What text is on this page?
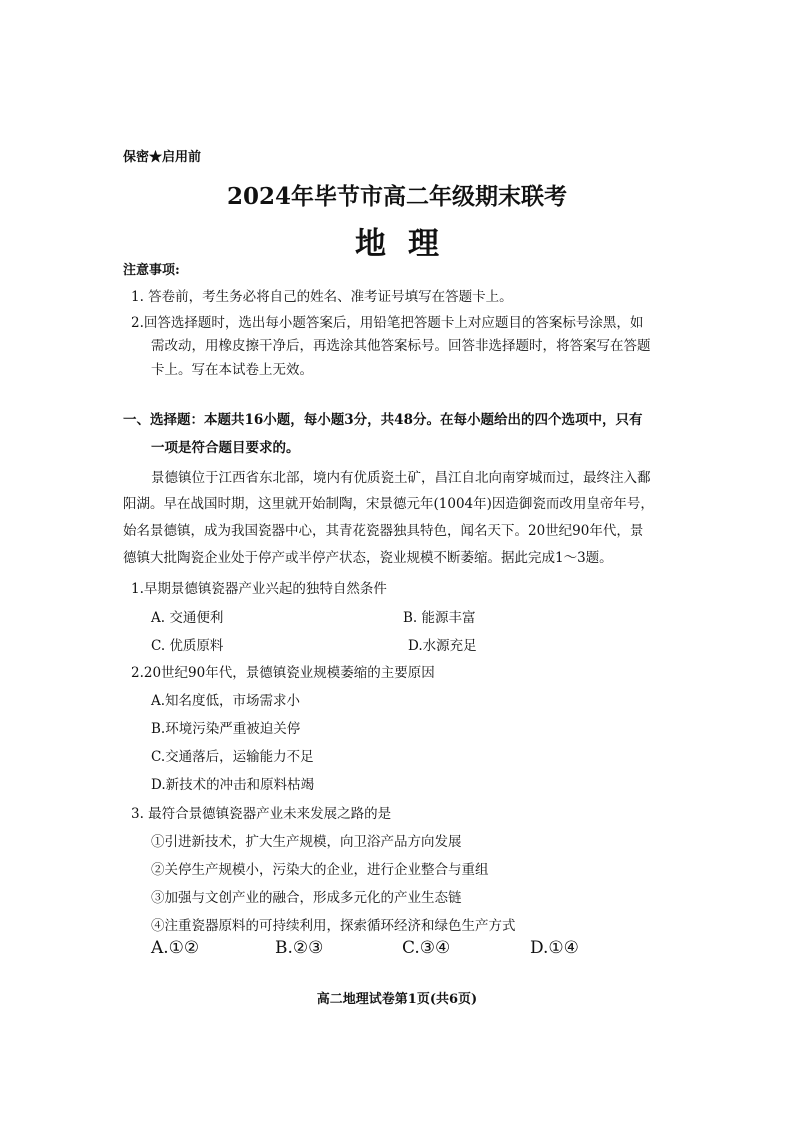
保密★启用前
2024年毕节市高二年级期末联考
地理
注意事项:
1. 答卷前，考生务必将自己的姓名、准考证号填写在答题卡上。
2.回答选择题时，选出每小题答案后，用铅笔把答题卡上对应题目的答案标号涂黑，如
需改动，用橡皮擦干净后，再选涂其他答案标号。回答非选择题时，将答案写在答题
卡上。写在本试卷上无效。
一、选择题：本题共16小题，每小题3分，共48分。在每小题给出的四个选项中，只有
一项是符合题目要求的。
景德镇位于江西省东北部，境内有优质瓷土矿，昌江自北向南穿城而过，最终注入鄱
阳湖。早在战国时期，这里就开始制陶，宋景德元年(1004年)因造御瓷而改用皇帝年号，
始名景德镇，成为我国瓷器中心，其青花瓷器独具特色，闻名天下。20世纪90年代，景
德镇大批陶瓷企业处于停产或半停产状态，瓷业规模不断萎缩。据此完成1～3题。
1.早期景德镇瓷器产业兴起的独特自然条件
A. 交通便利	B. 能源丰富
C. 优质原料	D.水源充足
2.20世纪90年代，景德镇瓷业规模萎缩的主要原因
A.知名度低，市场需求小
B.环境污染严重被迫关停
C.交通落后，运输能力不足
D.新技术的冲击和原料枯竭
3. 最符合景德镇瓷器产业未来发展之路的是
①引进新技术，扩大生产规模，向卫浴产品方向发展
②关停生产规模小，污染大的企业，进行企业整合与重组
③加强与文创产业的融合，形成多元化的产业生态链
④注重瓷器原料的可持续利用，探索循环经济和绿色生产方式
A.①②	B.②③	C.③④	D.①④
高二地理试卷第1页(共6页)
